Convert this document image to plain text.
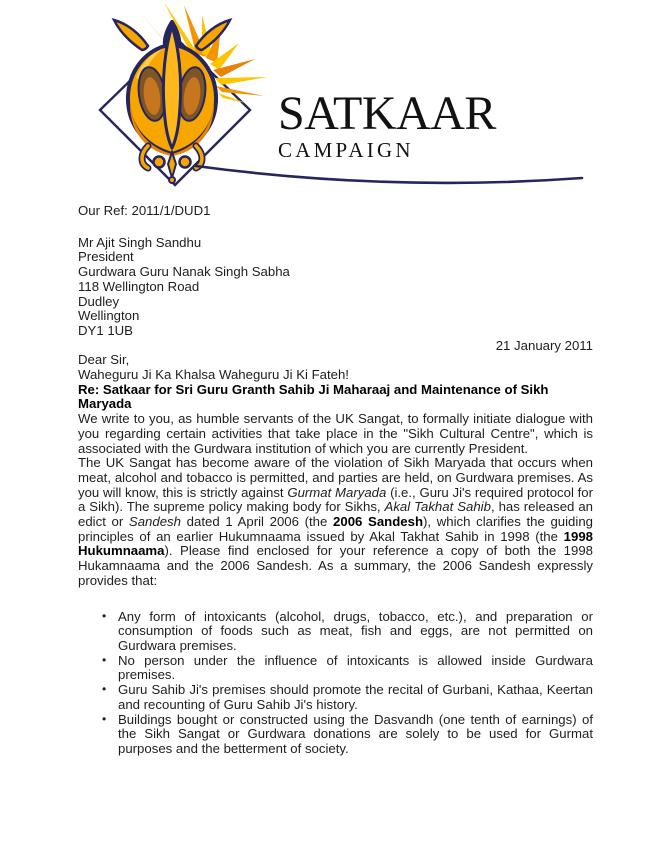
SATKAAR
CAMPAIGN

Our Ref: 2011/1/DUD1

Mr Ajit Singh Sandhu
President
Gurdwara Guru Nanak Singh Sabha
118 Wellington Road
Dudley
Wellington
DY1 1UB

21 January 2011

Dear Sir,

Waheguru Ji Ka Khalsa Waheguru Ji Ki Fateh!

Re: Satkaar for Sri Guru Granth Sahib Ji Maharaaj and Maintenance of Sikh Maryada

We write to you, as humble servants of the UK Sangat, to formally initiate dialogue with you regarding certain activities that take place in the "Sikh Cultural Centre", which is associated with the Gurdwara institution of which you are currently President.

The UK Sangat has become aware of the violation of Sikh Maryada that occurs when meat, alcohol and tobacco is permitted, and parties are held, on Gurdwara premises. As you will know, this is strictly against Gurmat Maryada (i.e., Guru Ji's required protocol for a Sikh). The supreme policy making body for Sikhs, Akal Takhat Sahib, has released an edict or Sandesh dated 1 April 2006 (the 2006 Sandesh), which clarifies the guiding principles of an earlier Hukumnaama issued by Akal Takhat Sahib in 1998 (the 1998 Hukumnaama). Please find enclosed for your reference a copy of both the 1998 Hukamnaama and the 2006 Sandesh. As a summary, the 2006 Sandesh expressly provides that:

• Any form of intoxicants (alcohol, drugs, tobacco, etc.), and preparation or consumption of foods such as meat, fish and eggs, are not permitted on Gurdwara premises.
• No person under the influence of intoxicants is allowed inside Gurdwara premises.
• Guru Sahib Ji's premises should promote the recital of Gurbani, Kathaa, Keertan and recounting of Guru Sahib Ji's history.
• Buildings bought or constructed using the Dasvandh (one tenth of earnings) of the Sikh Sangat or Gurdwara donations are solely to be used for Gurmat purposes and the betterment of society.
